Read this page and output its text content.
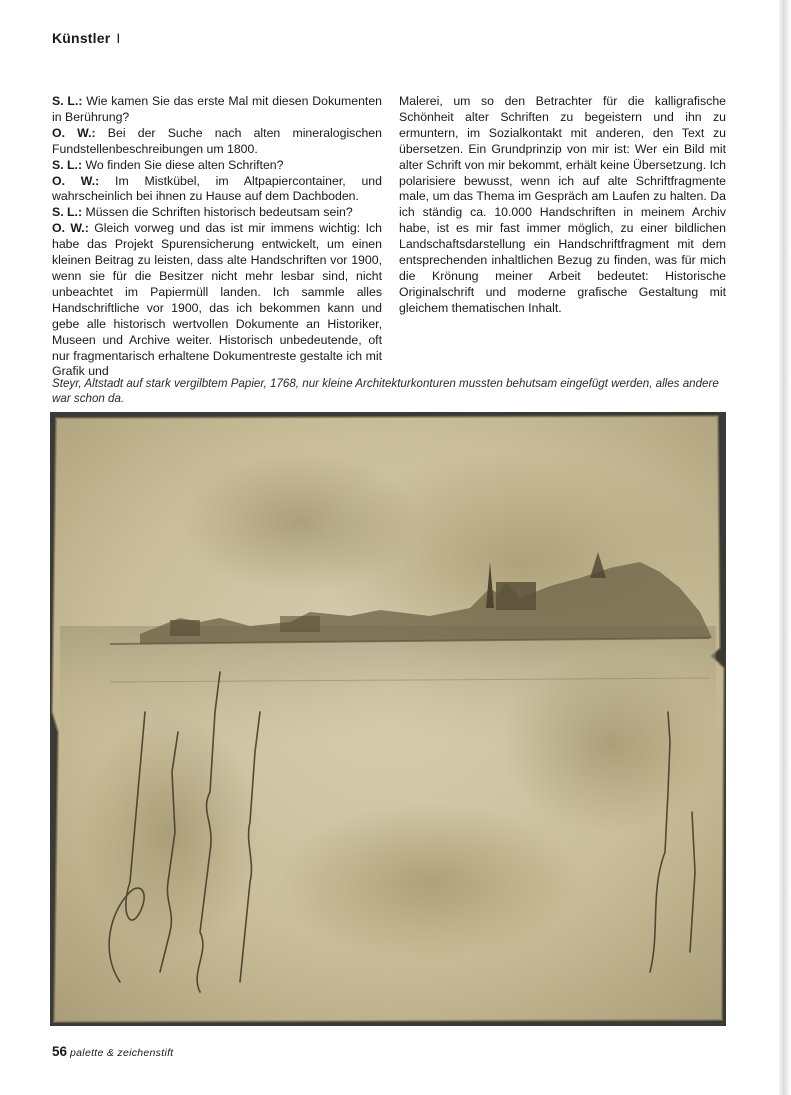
Künstler I

S. L.: Wie kamen Sie das erste Mal mit diesen Dokumenten in Berührung?

O. W.: Bei der Suche nach alten mineralogischen Fundstellenbeschreibungen um 1800.

S. L.: Wo finden Sie diese alten Schriften?

O. W.: Im Mistkübel, im Altpapiercontainer, und wahrscheinlich bei ihnen zu Hause auf dem Dachboden.

S. L.: Müssen die Schriften historisch bedeutsam sein?

O. W.: Gleich vorweg und das ist mir immens wichtig: Ich habe das Projekt Spurensicherung entwickelt, um einen kleinen Beitrag zu leisten, dass alte Handschriften vor 1900, wenn sie für die Besitzer nicht mehr lesbar sind, nicht unbeachtet im Papiermüll landen. Ich sammle alles Handschriftliche vor 1900, das ich bekommen kann und gebe alle historisch wertvollen Dokumente an Historiker, Museen und Archive weiter. Historisch unbedeutende, oft nur fragmentarisch erhaltene Dokumentreste gestalte ich mit Grafik und

Malerei, um so den Betrachter für die kalligrafische Schönheit alter Schriften zu begeistern und ihn zu ermuntern, im Sozialkontakt mit anderen, den Text zu übersetzen. Ein Grundprinzip von mir ist: Wer ein Bild mit alter Schrift von mir bekommt, erhält keine Übersetzung. Ich polarisiere bewusst, wenn ich auf alte Schriftfragmente male, um das Thema im Gespräch am Laufen zu halten. Da ich ständig ca. 10.000 Handschriften in meinem Archiv habe, ist es mir fast immer möglich, zu einer bildlichen Landschaftsdarstellung ein Handschriftfragment mit dem entsprechenden inhaltlichen Bezug zu finden, was für mich die Krönung meiner Arbeit bedeutet: Historische Originalschrift und moderne grafische Gestaltung mit gleichem thematischen Inhalt.

Steyr, Altstadt auf stark vergilbtem Papier, 1768, nur kleine Architekturkonturen mussten behutsam eingefügt werden, alles andere war schon da.
56 palette & zeichenstift
